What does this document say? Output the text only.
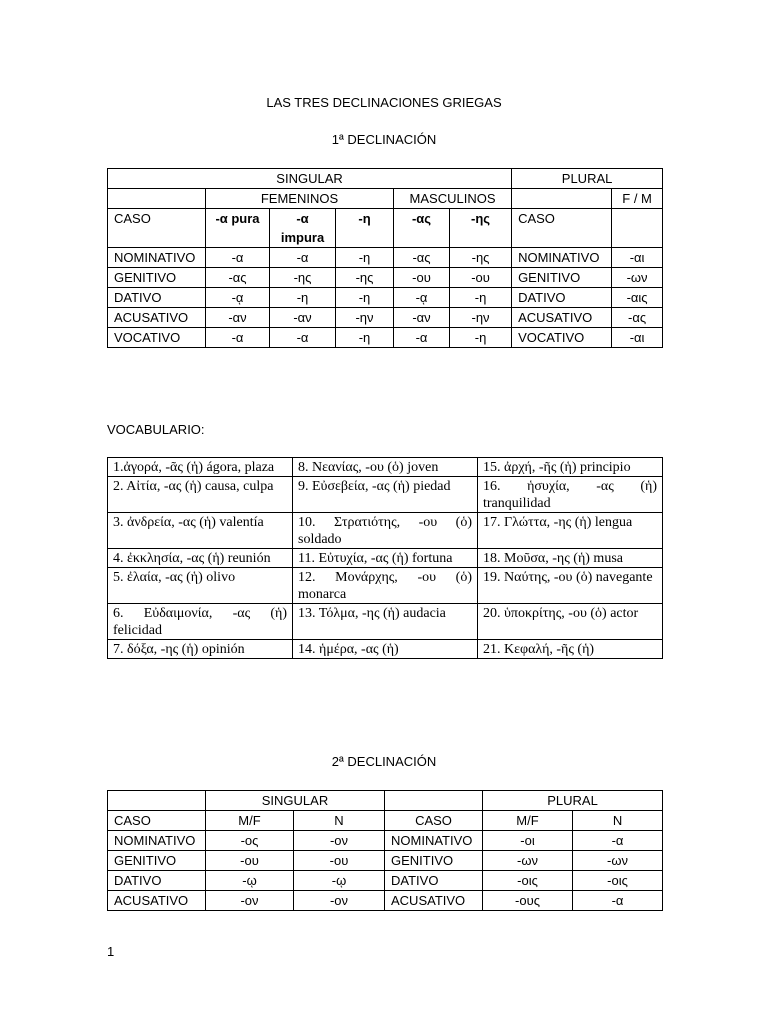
LAS TRES DECLINACIONES GRIEGAS
1ª DECLINACIÓN
SINGULAR						PLURAL	
	FEMENINOS			MASCULINOS			F / M
CASO	-α pura	-α impura	-η	-ας	-ης	CASO	
NOMINATIVO	-α	-α	-η	-ας	-ης	NOMINATIVO	-αι
GENITIVO	-ας	-ης	-ης	-ου	-ου	GENITIVO	-ων
DATIVO	-ᾳ	-η	-η	-ᾳ	-η	DATIVO	-αις
ACUSATIVO	-αν	-αν	-ην	-αν	-ην	ACUSATIVO	-ας
VOCATIVO	-α	-α	-η	-α	-η	VOCATIVO	-αι
VOCABULARIO:
1.ἀγορά, -ᾶς (ἡ) ágora, plaza	8. Νεανίας, -ου (ὁ) joven	15. ἀρχή, -ῆς (ἡ) principio
2. Αἰτία, -ας (ἡ) causa, culpa	9. Εὐσεβεία, -ας (ἡ) piedad	16. ἡσυχία, -ας (ἡ) tranquilidad
3. ἀνδρεία, -ας (ἡ) valentía	10. Στρατιότης, -ου (ὁ) soldado	17. Γλώττα, -ης (ἡ) lengua
4. ἐκκλησία, -ας (ἡ) reunión	11. Εὐτυχία, -ας (ἡ) fortuna	18. Μοῦσα, -ης (ἡ) musa
5. ἐλαία, -ας (ἡ) olivo	12. Μονάρχης, -ου (ὁ) monarca	19. Ναύτης, -ου (ὁ) navegante
6. Εὐδαιμονία, -ας (ἡ) felicidad	13. Τόλμα, -ης (ἡ) audacia	20. ὑποκρίτης, -ου (ὁ) actor
7. δόξα, -ης (ἡ) opinión	14. ἡμέρα, -ας (ἡ)	21. Κεφαλή, -ῆς (ἡ)
2ª DECLINACIÓN
	SINGULAR			PLURAL	
CASO	M/F	N	CASO	M/F	N
NOMINATIVO	-ος	-ον	NOMINATIVO	-οι	-α
GENITIVO	-ου	-ου	GENITIVO	-ων	-ων
DATIVO	-ῳ	-ῳ	DATIVO	-οις	-οις
ACUSATIVO	-ον	-ον	ACUSATIVO	-ους	-α
1
